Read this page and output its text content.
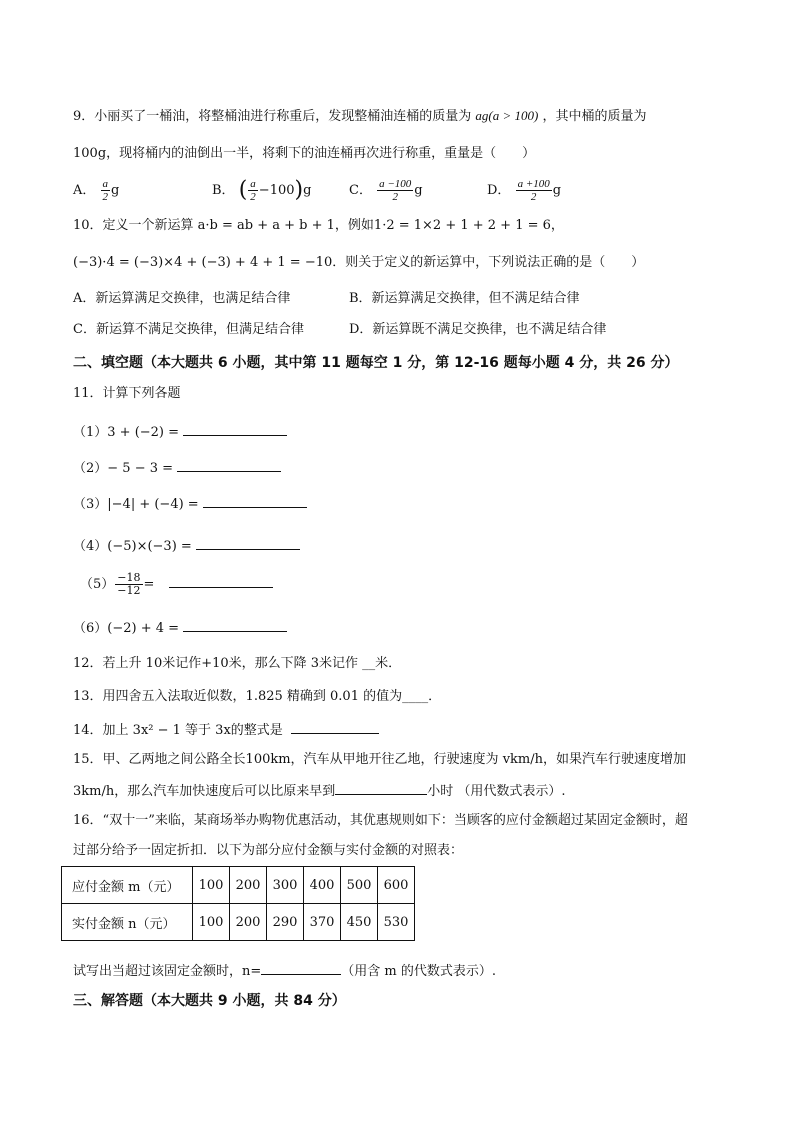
9．小丽买了一桶油，将整桶油进行称重后，发现整桶油连桶的质量为 ag(a > 100) ，其中桶的质量为
100g，现将桶内的油倒出一半，将剩下的油连桶再次进行称重，重量是（　　）
A． $\frac{a}{2}$ g	B． ( $\frac{a}{2} -100)g$	C． $\frac{a -100}{2}$ g	D． $\frac{a +100}{2}$ g
10．定义一个新运算 a·b = ab + a + b + 1，例如1·2 = 1×2 + 1 + 2 + 1 = 6，
(−3)·4 = (−3)×4 + (−3) + 4 + 1 = −10．则关于定义的新运算中，下列说法正确的是（　　）
A．新运算满足交换律，也满足结合律	B．新运算满足交换律，但不满足结合律
C．新运算不满足交换律，但满足结合律	D．新运算既不满足交换律，也不满足结合律
二、填空题（本大题共 6 小题，其中第 11 题每空 1 分，第 12-16 题每小题 4 分，共 26 分）
11．计算下列各题
（1）3 + (−2) =
（2）− 5 − 3 =
（3）|−4| + (−4) =
（4）(−5)×(−3) =
$(5) \frac{-18}{-12}$ =
（6）(−2) + 4 =
12．若上升 10米记作+10米，那么下降 3米记作 __米．
13．用四舍五入法取近似数，1.825 精确到 0.01 的值为____．
14．加上 3x² − 1 等于 3x的整式是
15．甲、乙两地之间公路全长100km，汽车从甲地开往乙地，行驶速度为 vkm/h，如果汽车行驶速度增加
3km/h，那么汽车加快速度后可以比原来早到	小时 （用代数式表示）.
16．“双十一”来临，某商场举办购物优惠活动，其优惠规则如下：当顾客的应付金额超过某固定金额时，超
过部分给予一固定折扣．以下为部分应付金额与实付金额的对照表：
应付金额 m（元）	100	200	300	400	500	600
实付金额 n（元）	100	200	290	370	450	530
试写出当超过该固定金额时，n=	（用含 m 的代数式表示）.
三、解答题（本大题共 9 小题，共 84 分）
